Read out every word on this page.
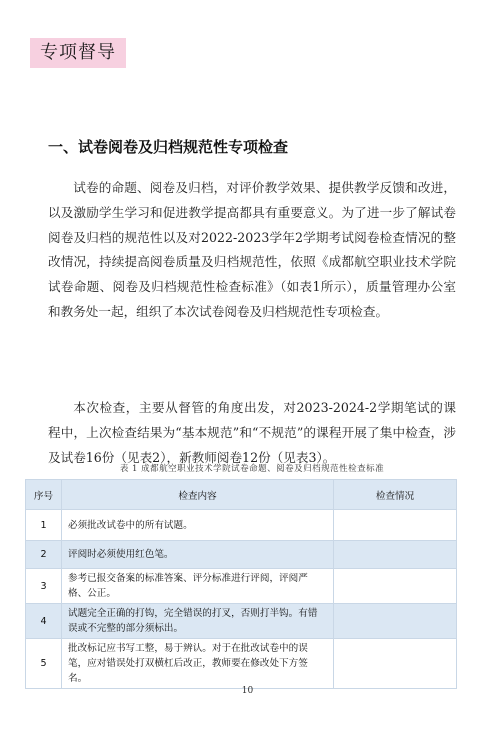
专项督导
一、试卷阅卷及归档规范性专项检查

试卷的命题、阅卷及归档，对评价教学效果、提供教学反馈和改进，以及激励学生学习和促进教学提高都具有重要意义。为了进一步了解试卷阅卷及归档的规范性以及对2022-2023学年2学期考试阅卷检查情况的整改情况，持续提高阅卷质量及归档规范性，依照《成都航空职业技术学院试卷命题、阅卷及归档规范性检查标准》（如表1所示），质量管理办公室和教务处一起，组织了本次试卷阅卷及归档规范性专项检查。

本次检查，主要从督管的角度出发，对2023-2024-2学期笔试的课程中，上次检查结果为“基本规范”和“不规范”的课程开展了集中检查，涉及试卷16份（见表2），新教师阅卷12份（见表3）。

表 1 成都航空职业技术学院试卷命题、阅卷及归档规范性检查标准
序号	检查内容	检查情况
1	必须批改试卷中的所有试题。	
2	评阅时必须使用红色笔。	
3	参考已报交备案的标准答案、评分标准进行评阅，评阅严格、公正。	
4	试题完全正确的打钩，完全错误的打叉，否则打半钩。有错误或不完整的部分须标出。	
5	批改标记应书写工整，易于辨认。对于在批改试卷中的误笔，应对错误处打双横杠后改正，教师要在修改处下方签名。	
10
